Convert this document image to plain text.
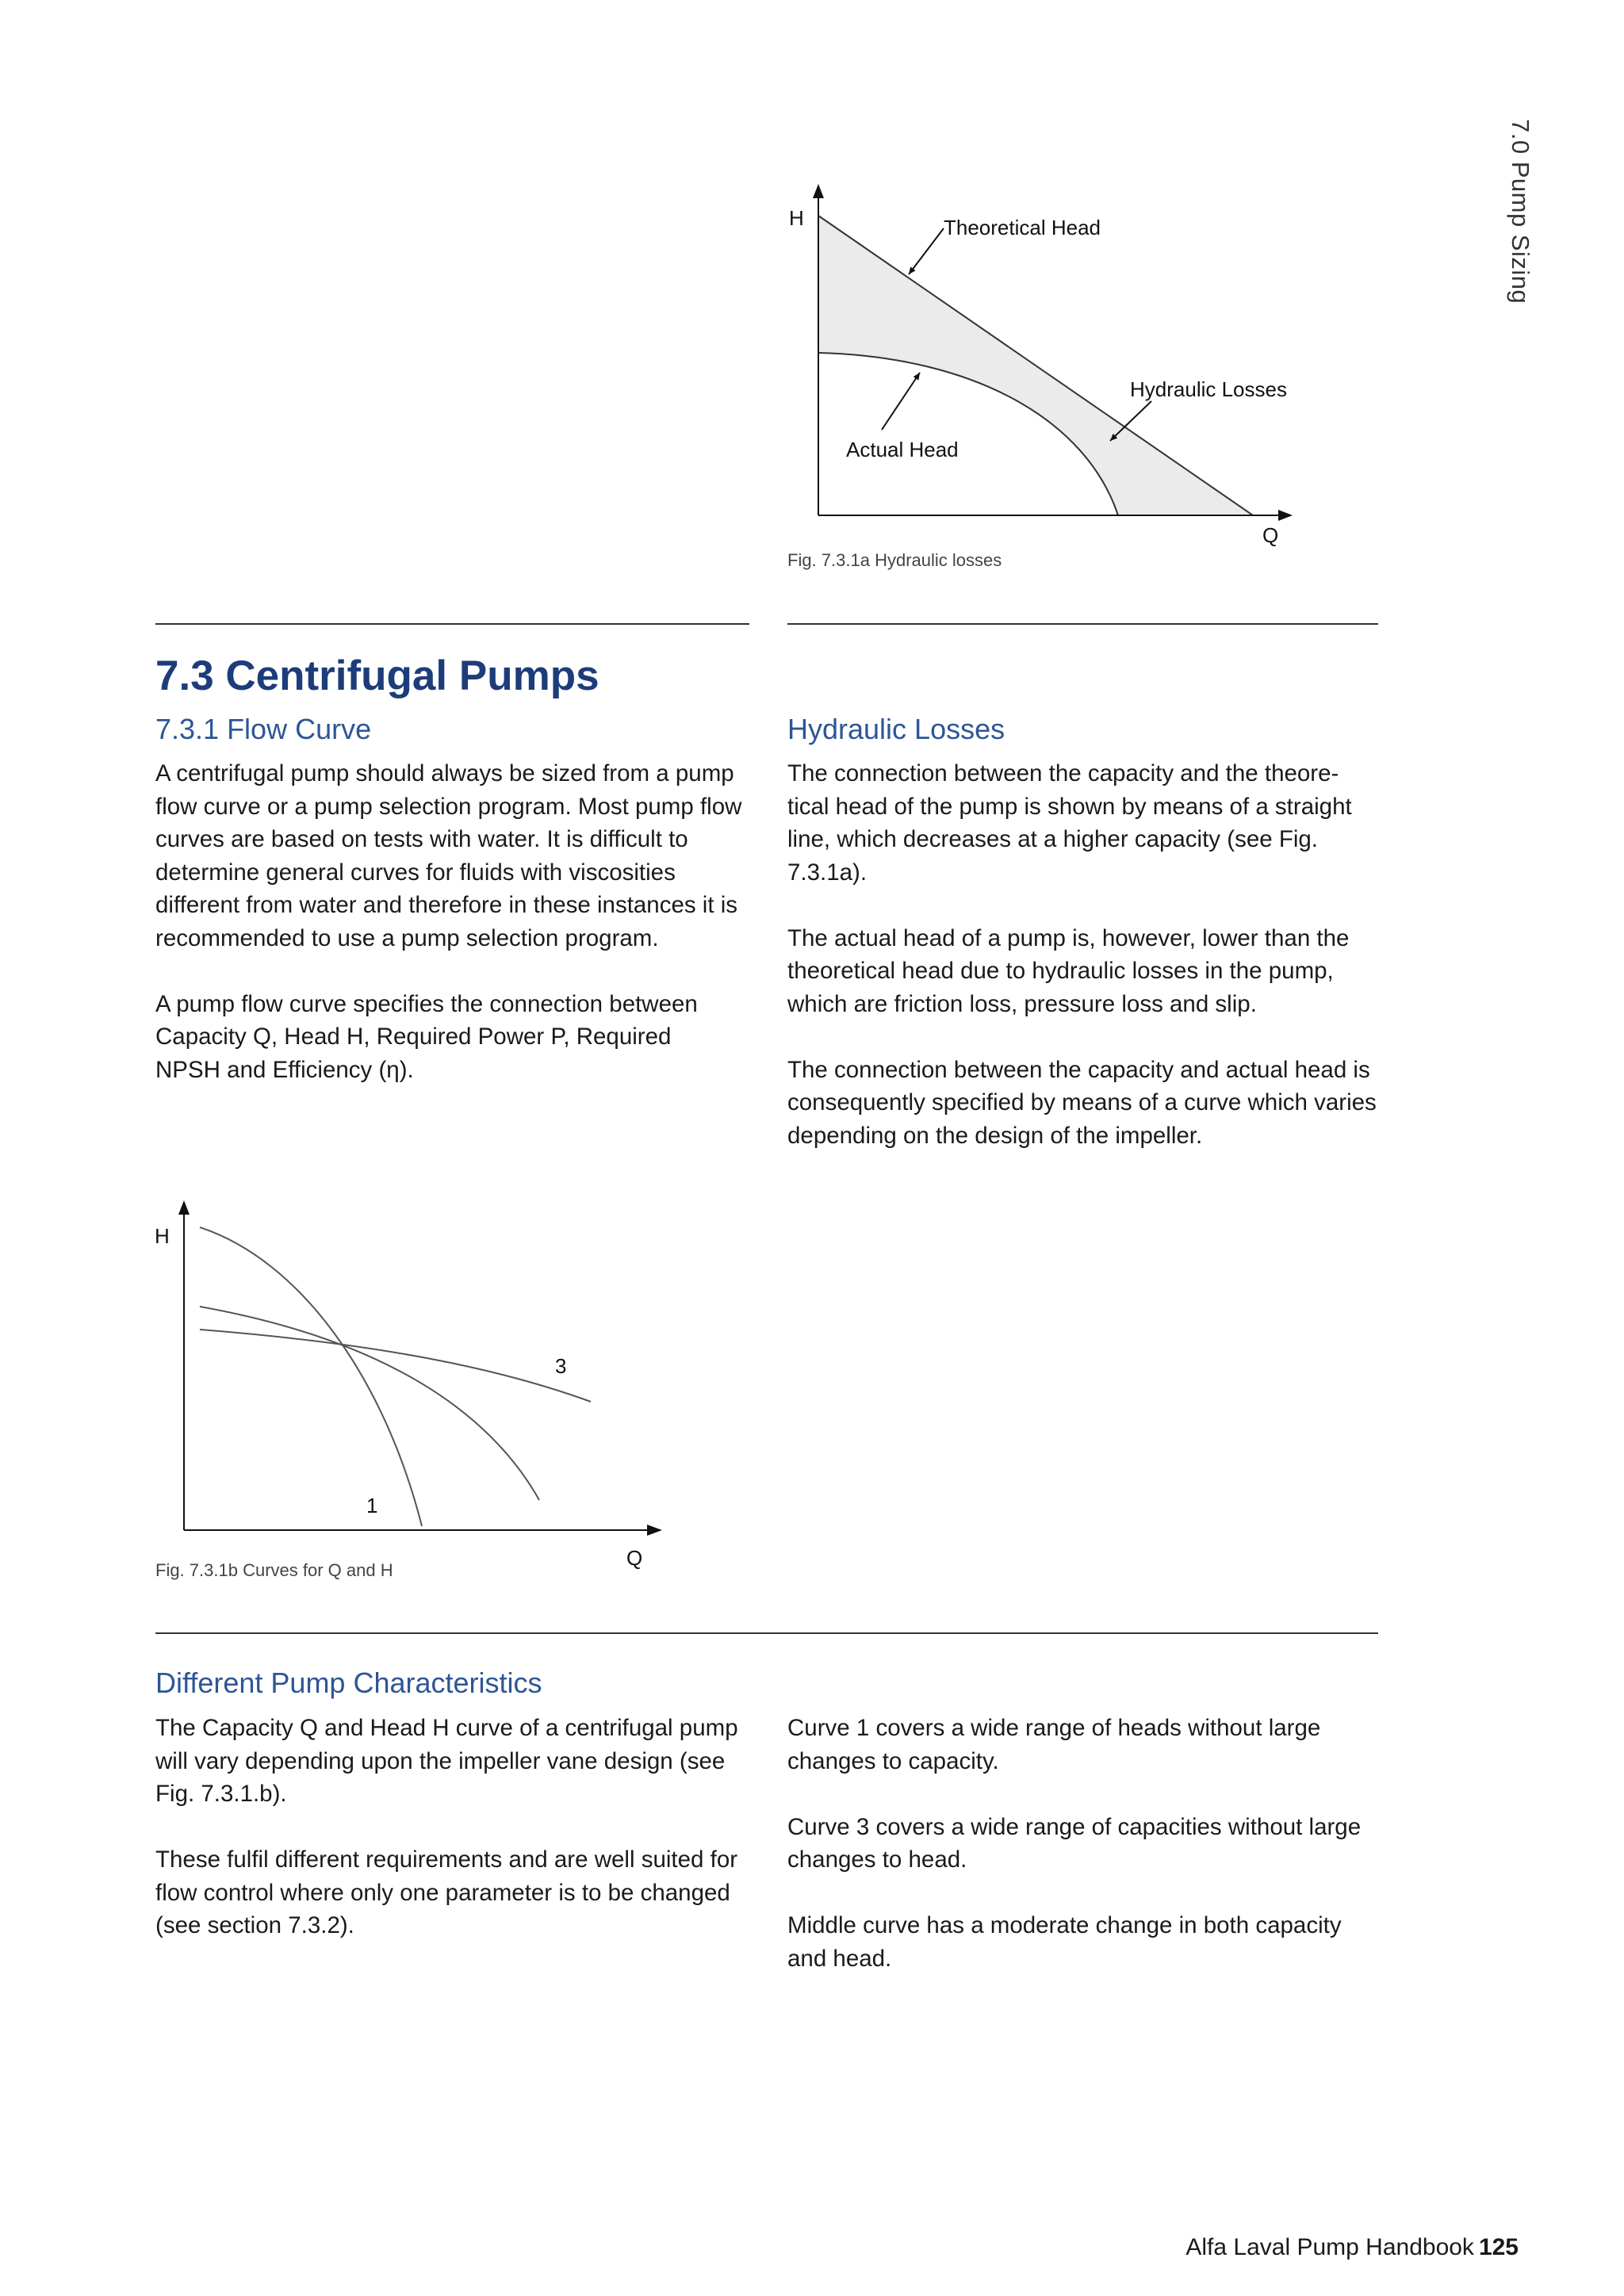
7.0 Pump Sizing
H
Q
Theoretical Head
Hydraulic Losses
Actual Head
Fig. 7.3.1a Hydraulic losses
7.3 Centrifugal Pumps
7.3.1 Flow Curve

A centrifugal pump should always be sized from a pump flow curve or a pump selection program. Most pump flow curves are based on tests with water. It is difficult to determine general curves for fluids with viscosities different from water and therefore in these instances it is recommended to use a pump selection program.

A pump flow curve specifies the connection between Capacity Q, Head H, Required Power P, Required NPSH and Efficiency (η).

Hydraulic Losses

The connection between the capacity and the theore-tical head of the pump is shown by means of a straight line, which decreases at a higher capacity (see Fig. 7.3.1a).

The actual head of a pump is, however, lower than the theoretical head due to hydraulic losses in the pump, which are friction loss, pressure loss and slip.

The connection between the capacity and actual head is consequently specified by means of a curve which varies depending on the design of the impeller.

H
Q
1
3
Fig. 7.3.1b Curves for Q and H
Different Pump Characteristics

The Capacity Q and Head H curve of a centrifugal pump will vary depending upon the impeller vane design (see Fig. 7.3.1.b).

These fulfil different requirements and are well suited for flow control where only one parameter is to be changed (see section 7.3.2).

Curve 1 covers a wide range of heads without large changes to capacity.

Curve 3 covers a wide range of capacities without large changes to head.

Middle curve has a moderate change in both capacity and head.

Alfa Laval Pump Handbook 125
